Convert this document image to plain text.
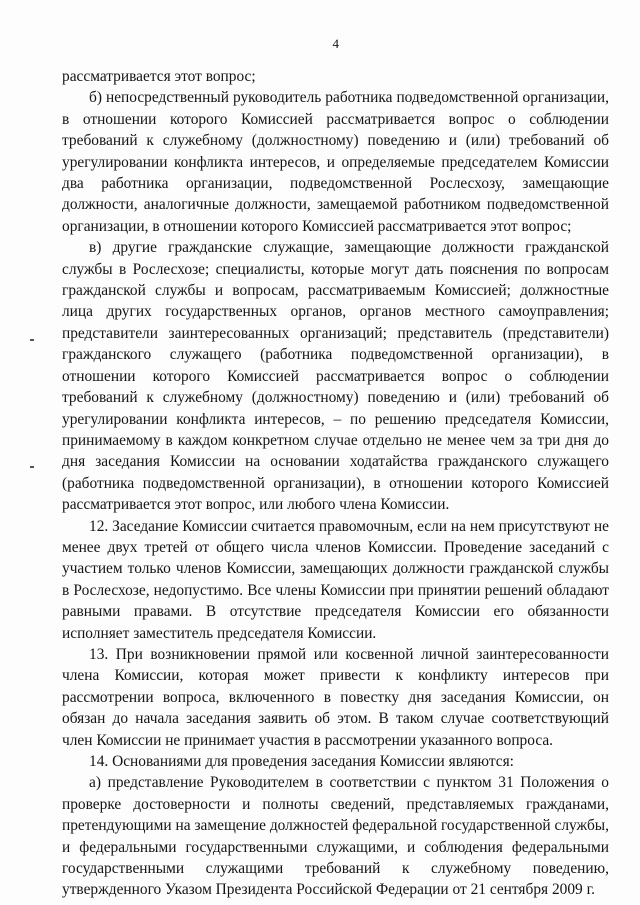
4

рассматривается этот вопрос;

б) непосредственный руководитель работника подведомственной организации, в отношении которого Комиссией рассматривается вопрос о соблюдении требований к служебному (должностному) поведению и (или) требований об урегулировании конфликта интересов, и определяемые председателем Комиссии два работника организации, подведомственной Рослесхозу, замещающие должности, аналогичные должности, замещаемой работником подведомственной организации, в отношении которого Комиссией рассматривается этот вопрос;

в) другие гражданские служащие, замещающие должности гражданской службы в Рослесхозе; специалисты, которые могут дать пояснения по вопросам гражданской службы и вопросам, рассматриваемым Комиссией; должностные лица других государственных органов, органов местного самоуправления; представители заинтересованных организаций; представитель (представители) гражданского служащего (работника подведомственной организации), в отношении которого Комиссией рассматривается вопрос о соблюдении требований к служебному (должностному) поведению и (или) требований об урегулировании конфликта интересов, – по решению председателя Комиссии, принимаемому в каждом конкретном случае отдельно не менее чем за три дня до дня заседания Комиссии на основании ходатайства гражданского служащего (работника подведомственной организации), в отношении которого Комиссией рассматривается этот вопрос, или любого члена Комиссии.

12. Заседание Комиссии считается правомочным, если на нем присутствуют не менее двух третей от общего числа членов Комиссии. Проведение заседаний с участием только членов Комиссии, замещающих должности гражданской службы в Рослесхозе, недопустимо. Все члены Комиссии при принятии решений обладают равными правами. В отсутствие председателя Комиссии его обязанности исполняет заместитель председателя Комиссии.

13. При возникновении прямой или косвенной личной заинтересованности члена Комиссии, которая может привести к конфликту интересов при рассмотрении вопроса, включенного в повестку дня заседания Комиссии, он обязан до начала заседания заявить об этом. В таком случае соответствующий член Комиссии не принимает участия в рассмотрении указанного вопроса.

14. Основаниями для проведения заседания Комиссии являются:

а) представление Руководителем в соответствии с пунктом 31 Положения о проверке достоверности и полноты сведений, представляемых гражданами, претендующими на замещение должностей федеральной государственной службы, и федеральными государственными служащими, и соблюдения федеральными государственными служащими требований к служебному поведению, утвержденного Указом Президента Российской Федерации от 21 сентября 2009 г.
